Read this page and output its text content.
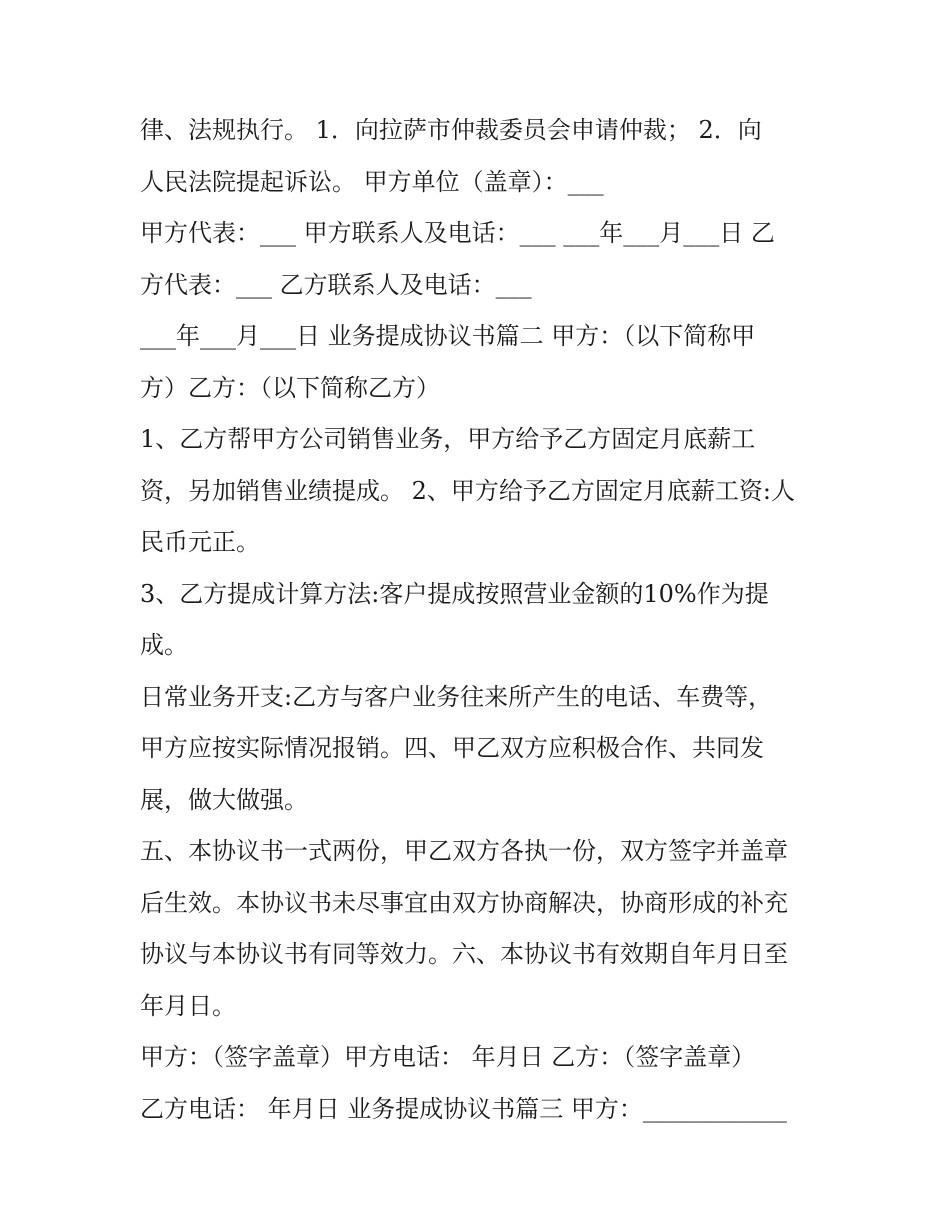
律、法规执行。 1．向拉萨市仲裁委员会申请仲裁； 2．向
人民法院提起诉讼。 甲方单位（盖章）：___
甲方代表：___ 甲方联系人及电话：___ ___年___月___日 乙
方代表：___ 乙方联系人及电话：___
___年___月___日 业务提成协议书篇二 甲方：（以下简称甲
方）乙方：（以下简称乙方）
1、乙方帮甲方公司销售业务，甲方给予乙方固定月底薪工
资，另加销售业绩提成。 2、甲方给予乙方固定月底薪工资:人
民币元正。
3、乙方提成计算方法:客户提成按照营业金额的10%作为提
成。
日常业务开支:乙方与客户业务往来所产生的电话、车费等，
甲方应按实际情况报销。四、甲乙双方应积极合作、共同发
展，做大做强。
五、本协议书一式两份，甲乙双方各执一份，双方签字并盖章
后生效。本协议书未尽事宜由双方协商解决，协商形成的补充
协议与本协议书有同等效力。六、本协议书有效期自年月日至
年月日。
甲方：（签字盖章）甲方电话： 年月日 乙方：（签字盖章）
乙方电话： 年月日 业务提成协议书篇三 甲方：____________
